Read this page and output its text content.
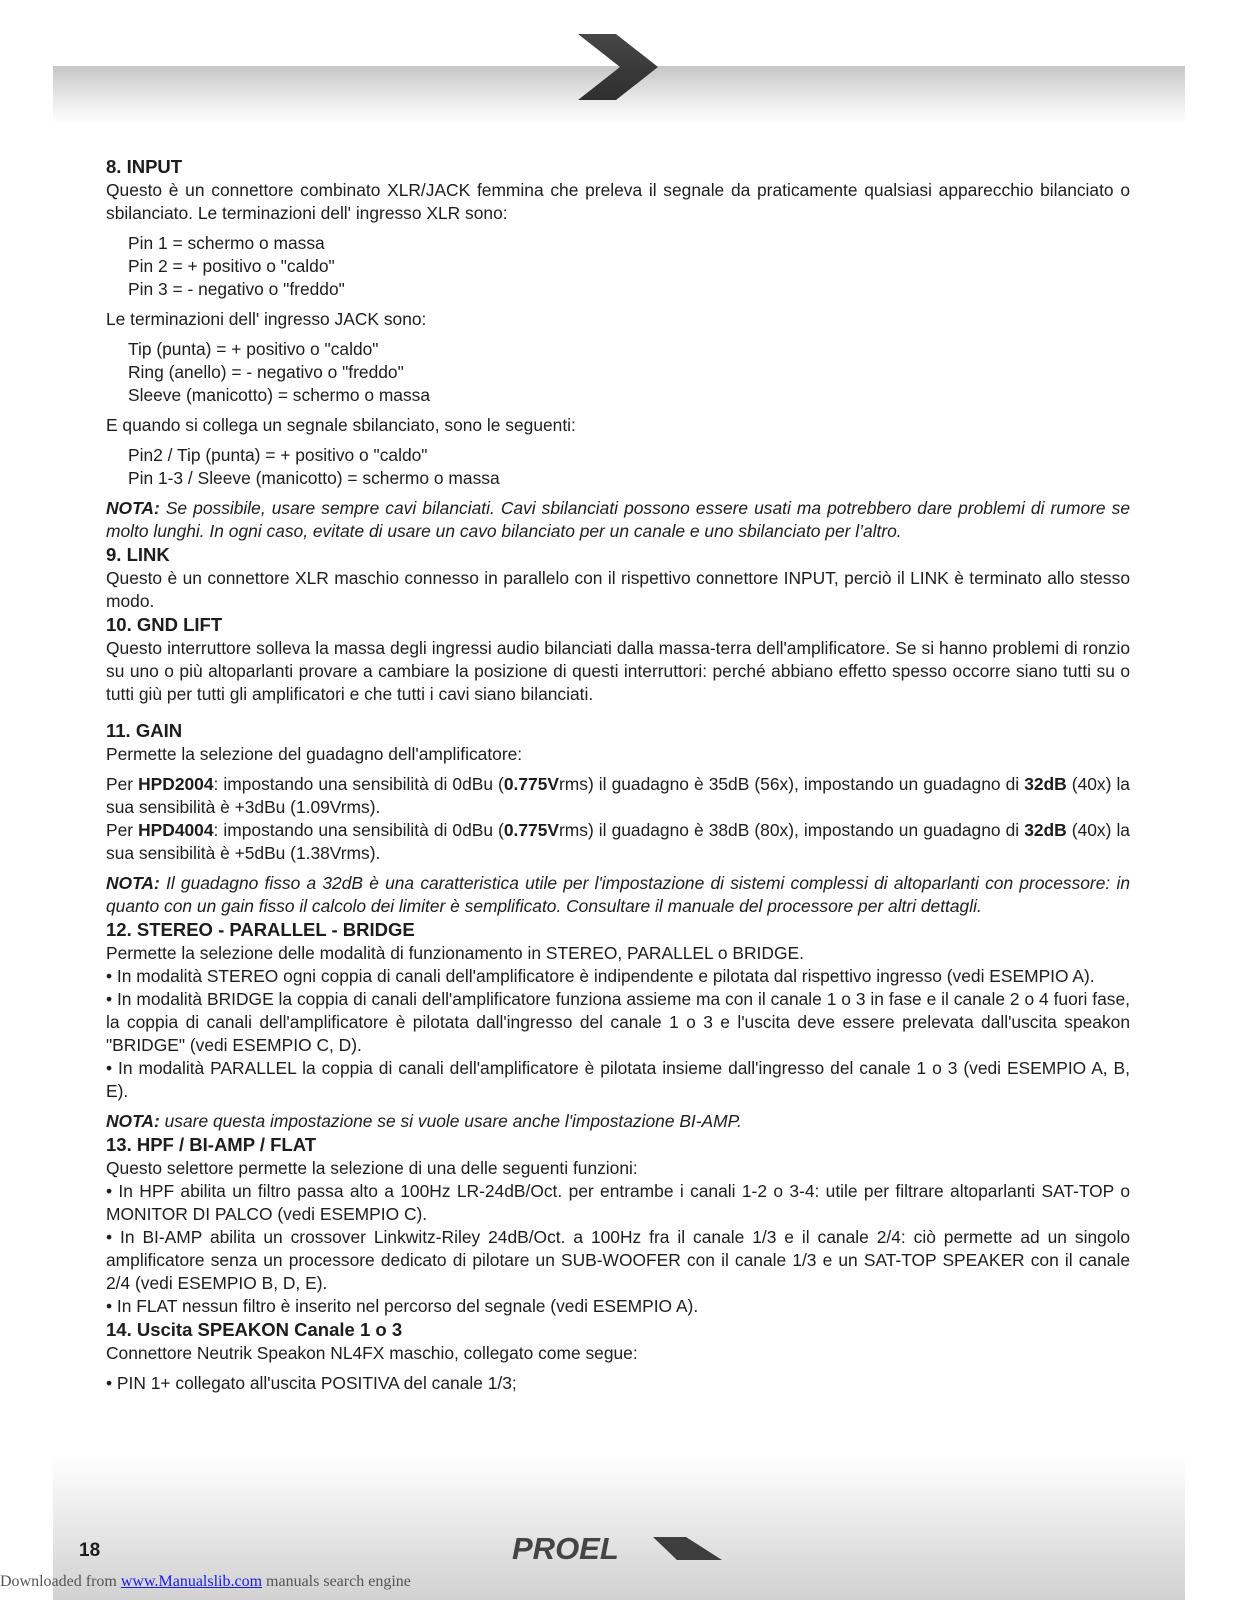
8. INPUT

Questo è un connettore combinato XLR/JACK femmina che preleva il segnale da praticamente qualsiasi apparecchio bilanciato o sbilanciato. Le terminazioni dell' ingresso XLR sono:

Pin 1 = schermo o massa

Pin 2 = + positivo o "caldo"

Pin 3 = - negativo o "freddo"

Le terminazioni dell' ingresso JACK sono:

Tip (punta) = + positivo o "caldo"

Ring (anello) = - negativo o "freddo"

Sleeve (manicotto) = schermo o massa

E quando si collega un segnale sbilanciato, sono le seguenti:

Pin2 / Tip (punta) = + positivo o "caldo"

Pin 1-3 / Sleeve (manicotto) = schermo o massa

NOTA: Se possibile, usare sempre cavi bilanciati. Cavi sbilanciati possono essere usati ma potrebbero dare problemi di rumore se molto lunghi. In ogni caso, evitate di usare un cavo bilanciato per un canale e uno sbilanciato per l’altro.

9. LINK

Questo è un connettore XLR maschio connesso in parallelo con il rispettivo connettore INPUT, perciò il LINK è terminato allo stesso modo.

10. GND LIFT

Questo interruttore solleva la massa degli ingressi audio bilanciati dalla massa-terra dell'amplificatore. Se si hanno problemi di ronzio su uno o più altoparlanti provare a cambiare la posizione di questi interruttori: perché abbiano effetto spesso occorre siano tutti su o tutti giù per tutti gli amplificatori e che tutti i cavi siano bilanciati.

11. GAIN

Permette la selezione del guadagno dell'amplificatore:

Per HPD2004: impostando una sensibilità di 0dBu (0.775Vrms) il guadagno è 35dB (56x), impostando un guadagno di 32dB (40x) la sua sensibilità è +3dBu (1.09Vrms).

Per HPD4004: impostando una sensibilità di 0dBu (0.775Vrms) il guadagno è 38dB (80x), impostando un guadagno di 32dB (40x) la sua sensibilità è +5dBu (1.38Vrms).

NOTA: Il guadagno fisso a 32dB è una caratteristica utile per l'impostazione di sistemi complessi di altoparlanti con processore: in quanto con un gain fisso il calcolo dei limiter è semplificato. Consultare il manuale del processore per altri dettagli.

12. STEREO - PARALLEL - BRIDGE

Permette la selezione delle modalità di funzionamento in STEREO, PARALLEL o BRIDGE.

• In modalità STEREO ogni coppia di canali dell'amplificatore è indipendente e pilotata dal rispettivo ingresso (vedi ESEMPIO A).

• In modalità BRIDGE la coppia di canali dell'amplificatore funziona assieme ma con il canale 1 o 3 in fase e il canale 2 o 4 fuori fase, la coppia di canali dell'amplificatore è pilotata dall'ingresso del canale 1 o 3 e l'uscita deve essere prelevata dall'uscita speakon "BRIDGE" (vedi ESEMPIO C, D).

• In modalità PARALLEL la coppia di canali dell'amplificatore è pilotata insieme dall'ingresso del canale 1 o 3 (vedi ESEMPIO A, B, E).

NOTA: usare questa impostazione se si vuole usare anche l'impostazione BI-AMP.

13. HPF / BI-AMP / FLAT

Questo selettore permette la selezione di una delle seguenti funzioni:

• In HPF abilita un filtro passa alto a 100Hz LR-24dB/Oct. per entrambe i canali 1-2 o 3-4: utile per filtrare altoparlanti SAT-TOP o MONITOR DI PALCO (vedi ESEMPIO C).

• In BI-AMP abilita un crossover Linkwitz-Riley 24dB/Oct. a 100Hz fra il canale 1/3 e il canale 2/4: ciò permette ad un singolo amplificatore senza un processore dedicato di pilotare un SUB-WOOFER con il canale 1/3 e un SAT-TOP SPEAKER con il canale 2/4 (vedi ESEMPIO B, D, E).

• In FLAT nessun filtro è inserito nel percorso del segnale (vedi ESEMPIO A).

14. Uscita SPEAKON Canale 1 o 3

Connettore Neutrik Speakon NL4FX maschio, collegato come segue:

• PIN 1+ collegato all'uscita POSITIVA del canale 1/3;

18	PROEL
Downloaded from www.Manualslib.com manuals search engine
